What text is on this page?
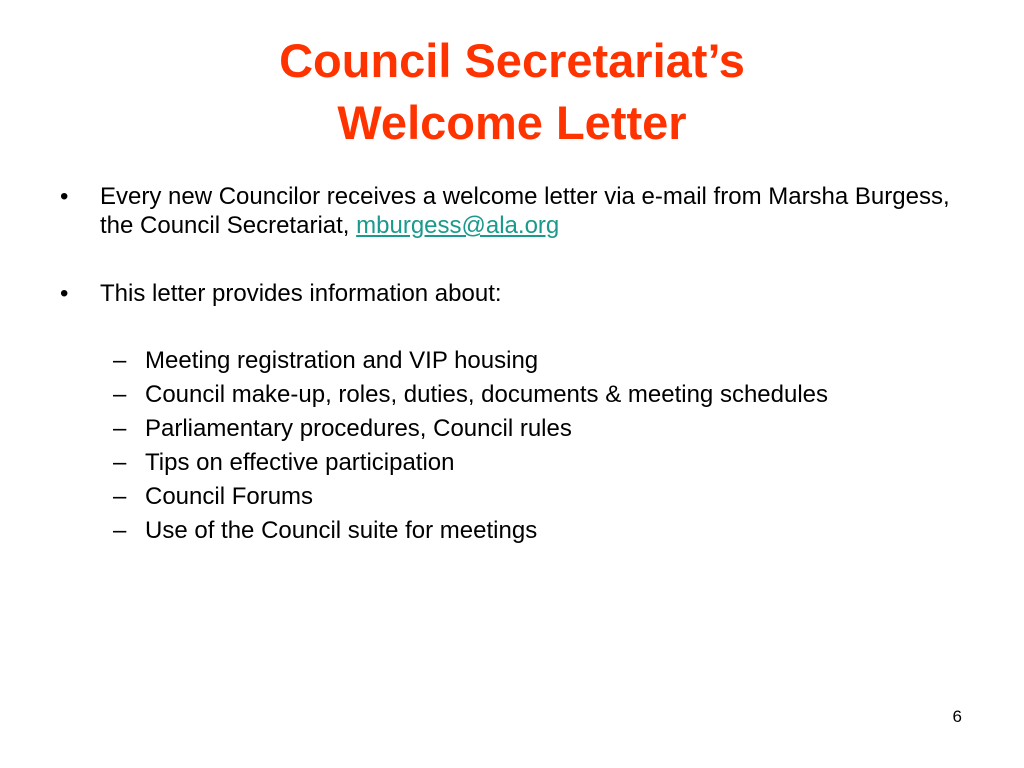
Council Secretariat’s
Welcome Letter
• Every new Councilor receives a welcome letter via e-mail from Marsha Burgess, the Council Secretariat, mburgess@ala.org
• This letter provides information about:
– Meeting registration and VIP housing
– Council make-up, roles, duties, documents & meeting schedules
– Parliamentary procedures, Council rules
– Tips on effective participation
– Council Forums
– Use of the Council suite for meetings
6
